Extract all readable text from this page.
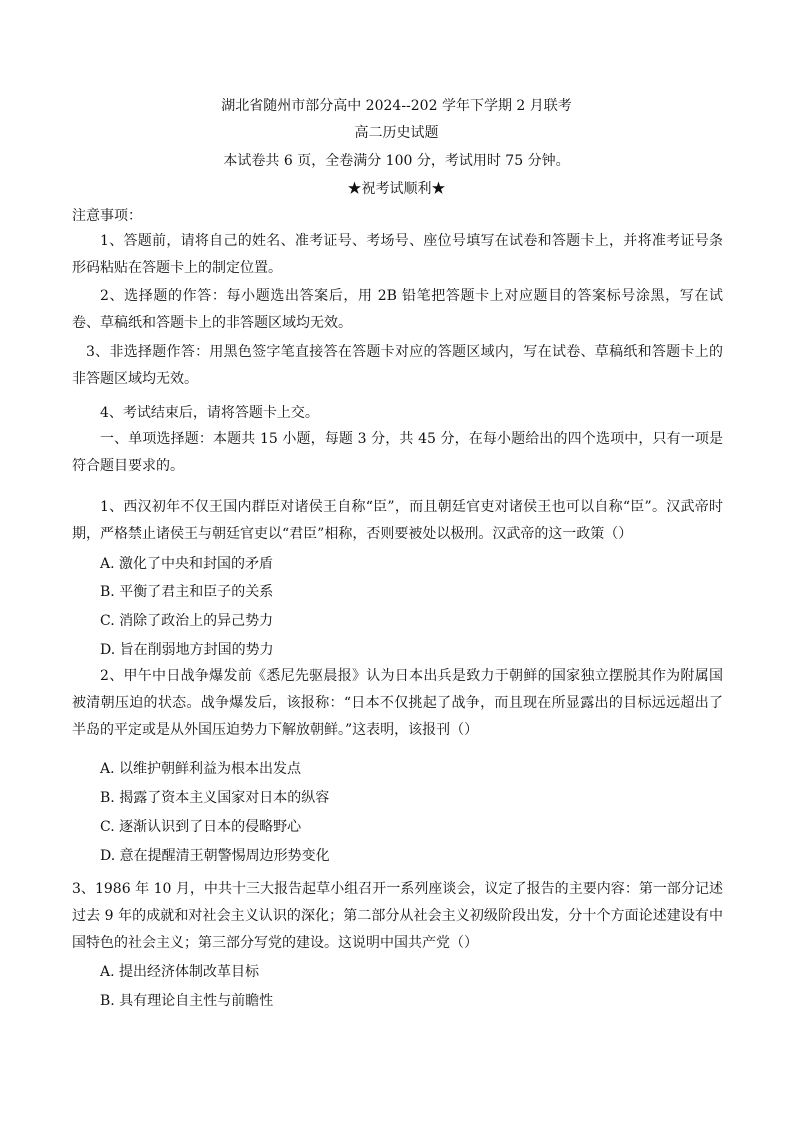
湖北省随州市部分高中 2024--202 学年下学期 2 月联考
高二历史试题
本试卷共 6 页，全卷满分 100 分，考试用时 75 分钟。
★祝考试顺利★
注意事项：
1、答题前，请将自己的姓名、准考证号、考场号、座位号填写在试卷和答题卡上，并将准考证号条形码粘贴在答题卡上的制定位置。
2、选择题的作答：每小题选出答案后，用 2B 铅笔把答题卡上对应题目的答案标号涂黑，写在试卷、草稿纸和答题卡上的非答题区域均无效。
3、非选择题作答：用黑色签字笔直接答在答题卡对应的答题区域内，写在试卷、草稿纸和答题卡上的非答题区域均无效。
4、考试结束后，请将答题卡上交。
一、单项选择题：本题共 15 小题，每题 3 分，共 45 分，在每小题给出的四个选项中，只有一项是符合题目要求的。
1、西汉初年不仅王国内群臣对诸侯王自称“臣”，而且朝廷官吏对诸侯王也可以自称“臣”。汉武帝时期，严格禁止诸侯王与朝廷官吏以“君臣”相称，否则要被处以极刑。汉武帝的这一政策（）
A. 激化了中央和封国的矛盾
B. 平衡了君主和臣子的关系
C. 消除了政治上的异己势力
D. 旨在削弱地方封国的势力
2、甲午中日战争爆发前《悉尼先驱晨报》认为日本出兵是致力于朝鲜的国家独立摆脱其作为附属国被清朝压迫的状态。战争爆发后，该报称：“日本不仅挑起了战争，而且现在所显露出的目标远远超出了半岛的平定或是从外国压迫势力下解放朝鲜。”这表明，该报刊（）
A. 以维护朝鲜利益为根本出发点
B. 揭露了资本主义国家对日本的纵容
C. 逐渐认识到了日本的侵略野心
D. 意在提醒清王朝警惕周边形势变化
3、1986 年 10 月，中共十三大报告起草小组召开一系列座谈会，议定了报告的主要内容：第一部分记述过去 9 年的成就和对社会主义认识的深化；第二部分从社会主义初级阶段出发，分十个方面论述建设有中国特色的社会主义；第三部分写党的建设。这说明中国共产党（）
A. 提出经济体制改革目标
B. 具有理论自主性与前瞻性
